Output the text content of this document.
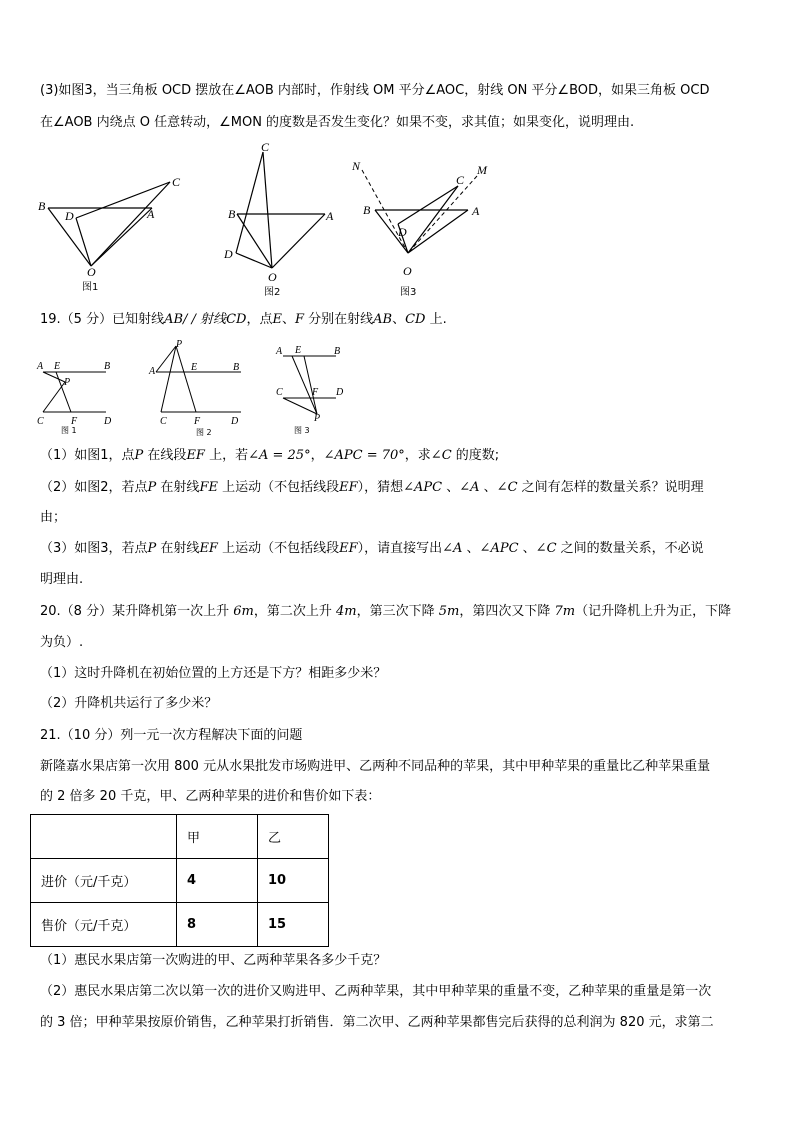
(3)如图3，当三角板 OCD 摆放在∠AOB 内部时，作射线 OM 平分∠AOC，射线 ON 平分∠BOD，如果三角板 OCD
在∠AOB 内绕点 O 任意转动，∠MON 的度数是否发生变化？如果不变，求其值；如果变化，说明理由.
B
D	A
C
O
图1
C
B	A
D
O
图2
N	M
C
B	A
D
O
图3
19.（5 分）已知射线AB/ / 射线CD，点E、F 分别在射线AB、CD 上.
A E	B
P
C	F	D
图 1
P
A	E	B
C	F	D
图 2
A E	B
C	F D
P
图 3
（1）如图1，点P 在线段EF 上，若∠A = 25°，∠APC = 70°，求∠C 的度数;
（2）如图2，若点P 在射线FE 上运动（不包括线段EF），猜想∠APC 、∠A 、∠C 之间有怎样的数量关系？说明理
由；
（3）如图3，若点P 在射线EF 上运动（不包括线段EF），请直接写出∠A 、∠APC 、∠C 之间的数量关系，不必说
明理由.
20.（8 分）某升降机第一次上升 6m，第二次上升 4m，第三次下降 5m，第四次又下降 7m（记升降机上升为正，下降
为负）.
（1）这时升降机在初始位置的上方还是下方？相距多少米？
（2）升降机共运行了多少米？
21.（10 分）列一元一次方程解决下面的问题
新隆嘉水果店第一次用 800 元从水果批发市场购进甲、乙两种不同品种的苹果，其中甲种苹果的重量比乙种苹果重量
的 2 倍多 20 千克，甲、乙两种苹果的进价和售价如下表：
	甲	乙
进价（元/千克）	4	10
售价（元/千克）	8	15
（1）惠民水果店第一次购进的甲、乙两种苹果各多少千克？
（2）惠民水果店第二次以第一次的进价又购进甲、乙两种苹果，其中甲种苹果的重量不变，乙种苹果的重量是第一次
的 3 倍；甲种苹果按原价销售，乙种苹果打折销售．第二次甲、乙两种苹果都售完后获得的总利润为 820 元，求第二
